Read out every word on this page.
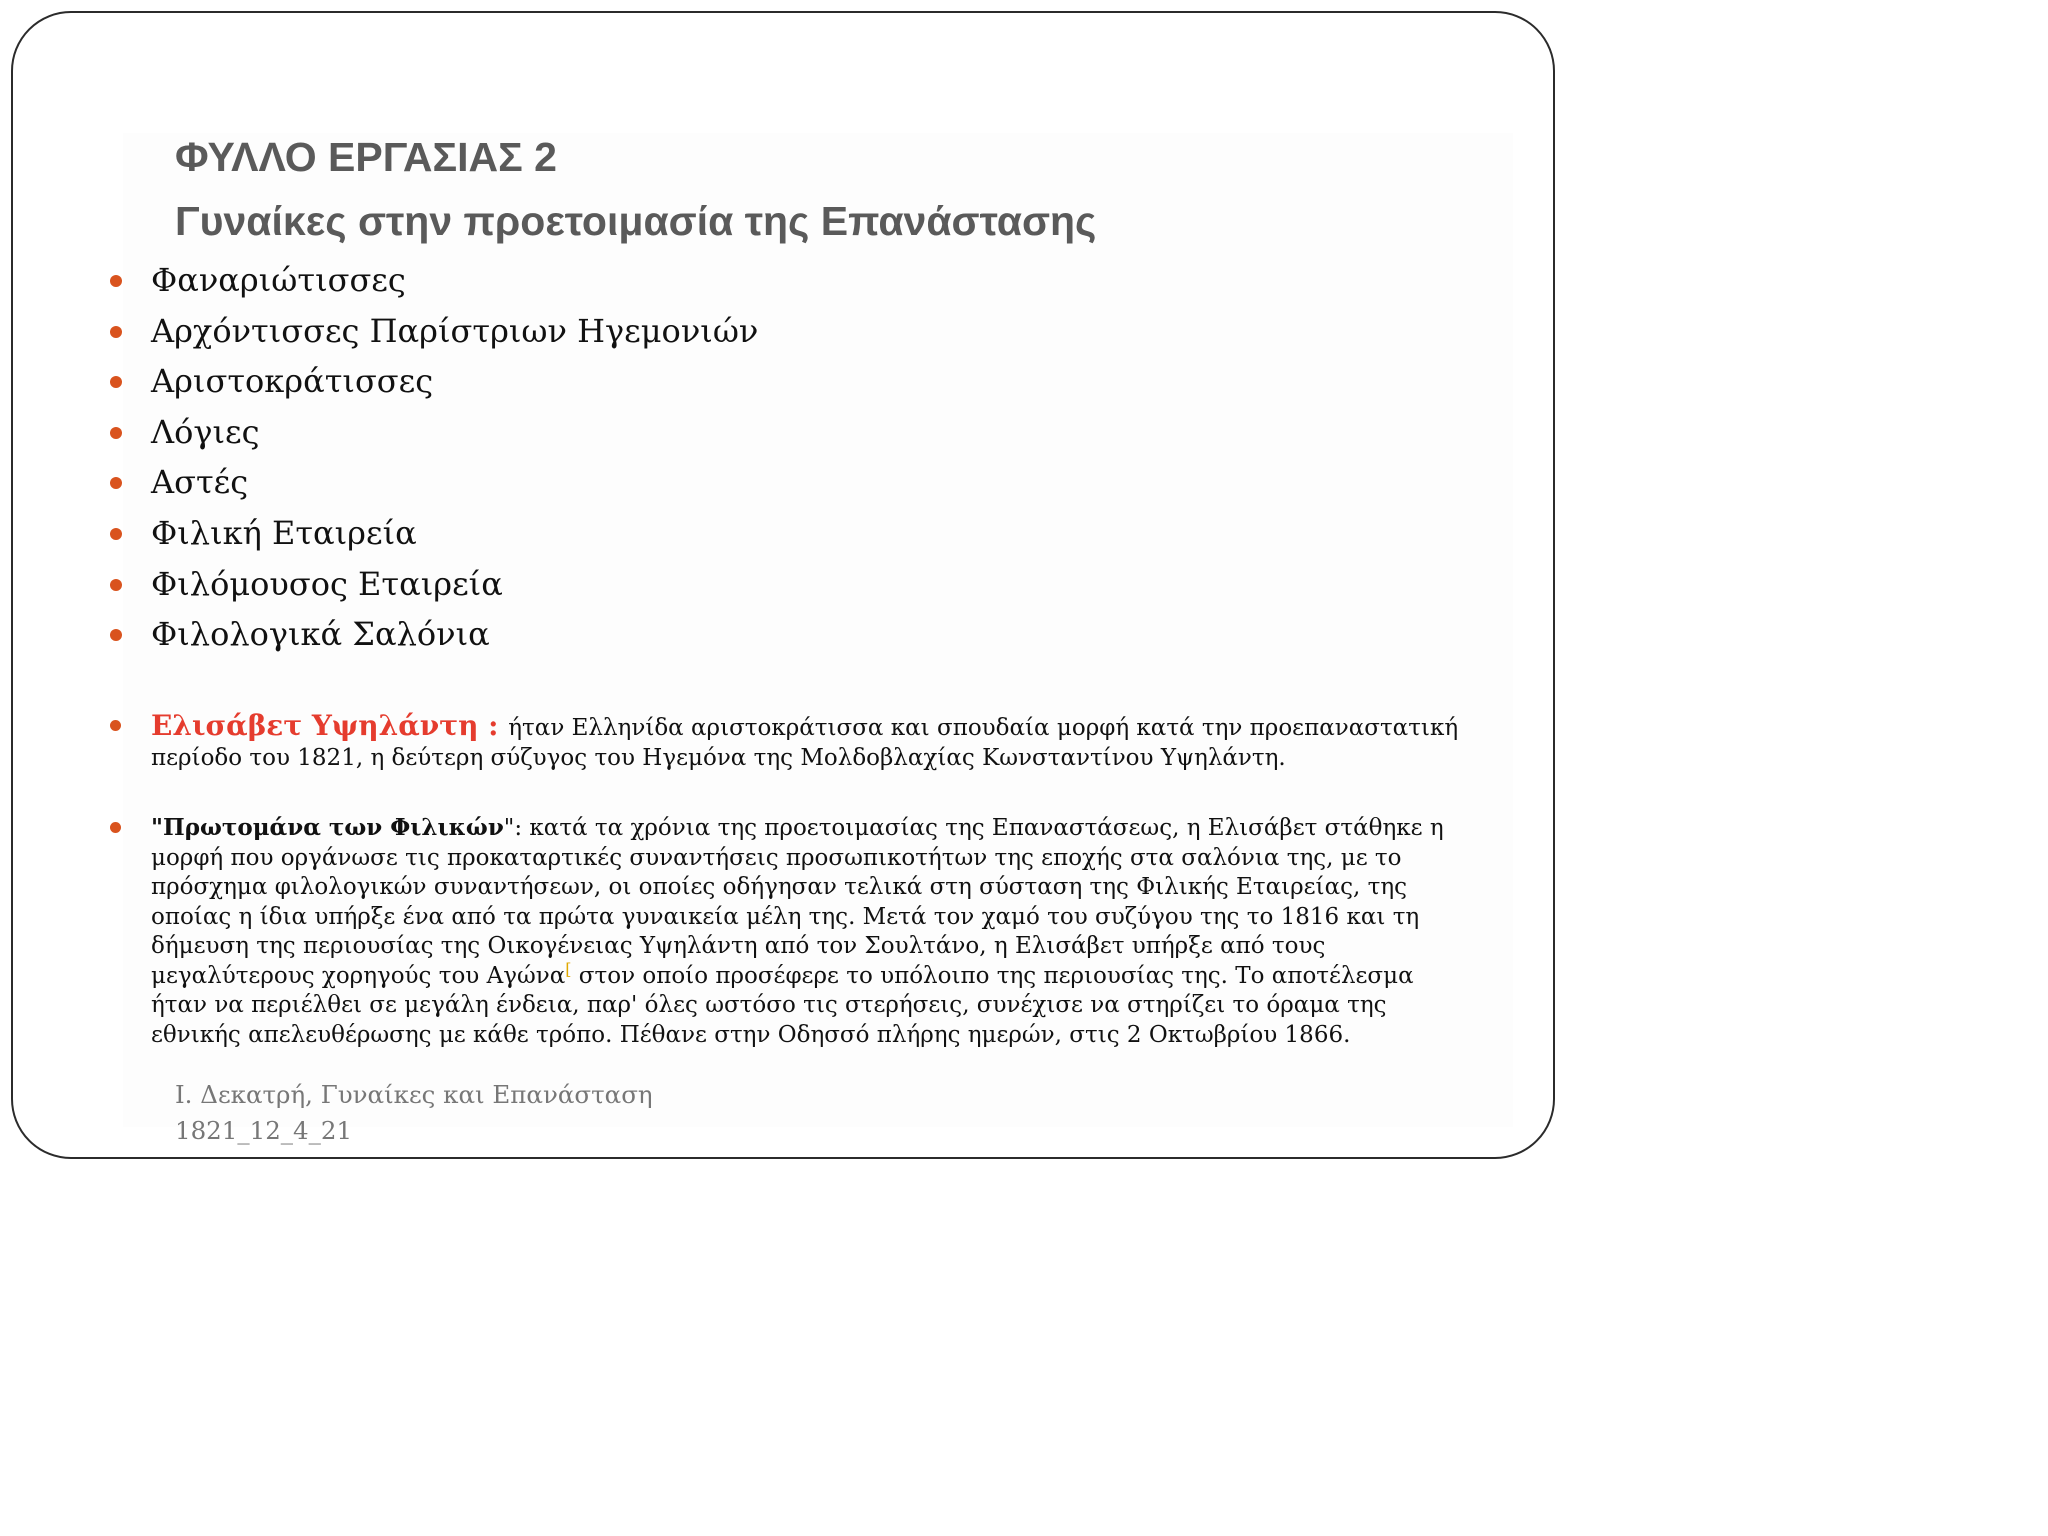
ΦΥΛΛΟ ΕΡΓΑΣΙΑΣ 2
Γυναίκες στην προετοιμασία της Επανάστασης
Φαναριώτισσες
Αρχόντισσες Παρίστριων Ηγεμονιών
Αριστοκράτισσες
Λόγιες
Αστές
Φιλική Εταιρεία
Φιλόμουσος Εταιρεία
Φιλολογικά Σαλόνια

Ελισάβετ Υψηλάντη : ήταν Ελληνίδα αριστοκράτισσα και σπουδαία μορφή κατά την προεπαναστατική περίοδο του 1821, η δεύτερη σύζυγος του Ηγεμόνα της Μολδοβλαχίας Κωνσταντίνου Υψηλάντη.

"Πρωτομάνα των Φιλικών": κατά τα χρόνια της προετοιμασίας της Επαναστάσεως, η Ελισάβετ στάθηκε η μορφή που οργάνωσε τις προκαταρτικές συναντήσεις προσωπικοτήτων της εποχής στα σαλόνια της, με το πρόσχημα φιλολογικών συναντήσεων, οι οποίες οδήγησαν τελικά στη σύσταση της Φιλικής Εταιρείας, της οποίας η ίδια υπήρξε ένα από τα πρώτα γυναικεία μέλη της. Μετά τον χαμό του συζύγου της το 1816 και τη δήμευση της περιουσίας της Οικογένειας Υψηλάντη από τον Σουλτάνο, η Ελισάβετ υπήρξε από τους μεγαλύτερους χορηγούς του Αγώνα[ στον οποίο προσέφερε το υπόλοιπο της περιουσίας της. Το αποτέλεσμα ήταν να περιέλθει σε μεγάλη ένδεια, παρ' όλες ωστόσο τις στερήσεις, συνέχισε να στηρίζει το όραμα της εθνικής απελευθέρωσης με κάθε τρόπο. Πέθανε στην Οδησσό πλήρης ημερών, στις 2 Οκτωβρίου 1866.

Ι. Δεκατρή, Γυναίκες και Επανάσταση
1821_12_4_21
